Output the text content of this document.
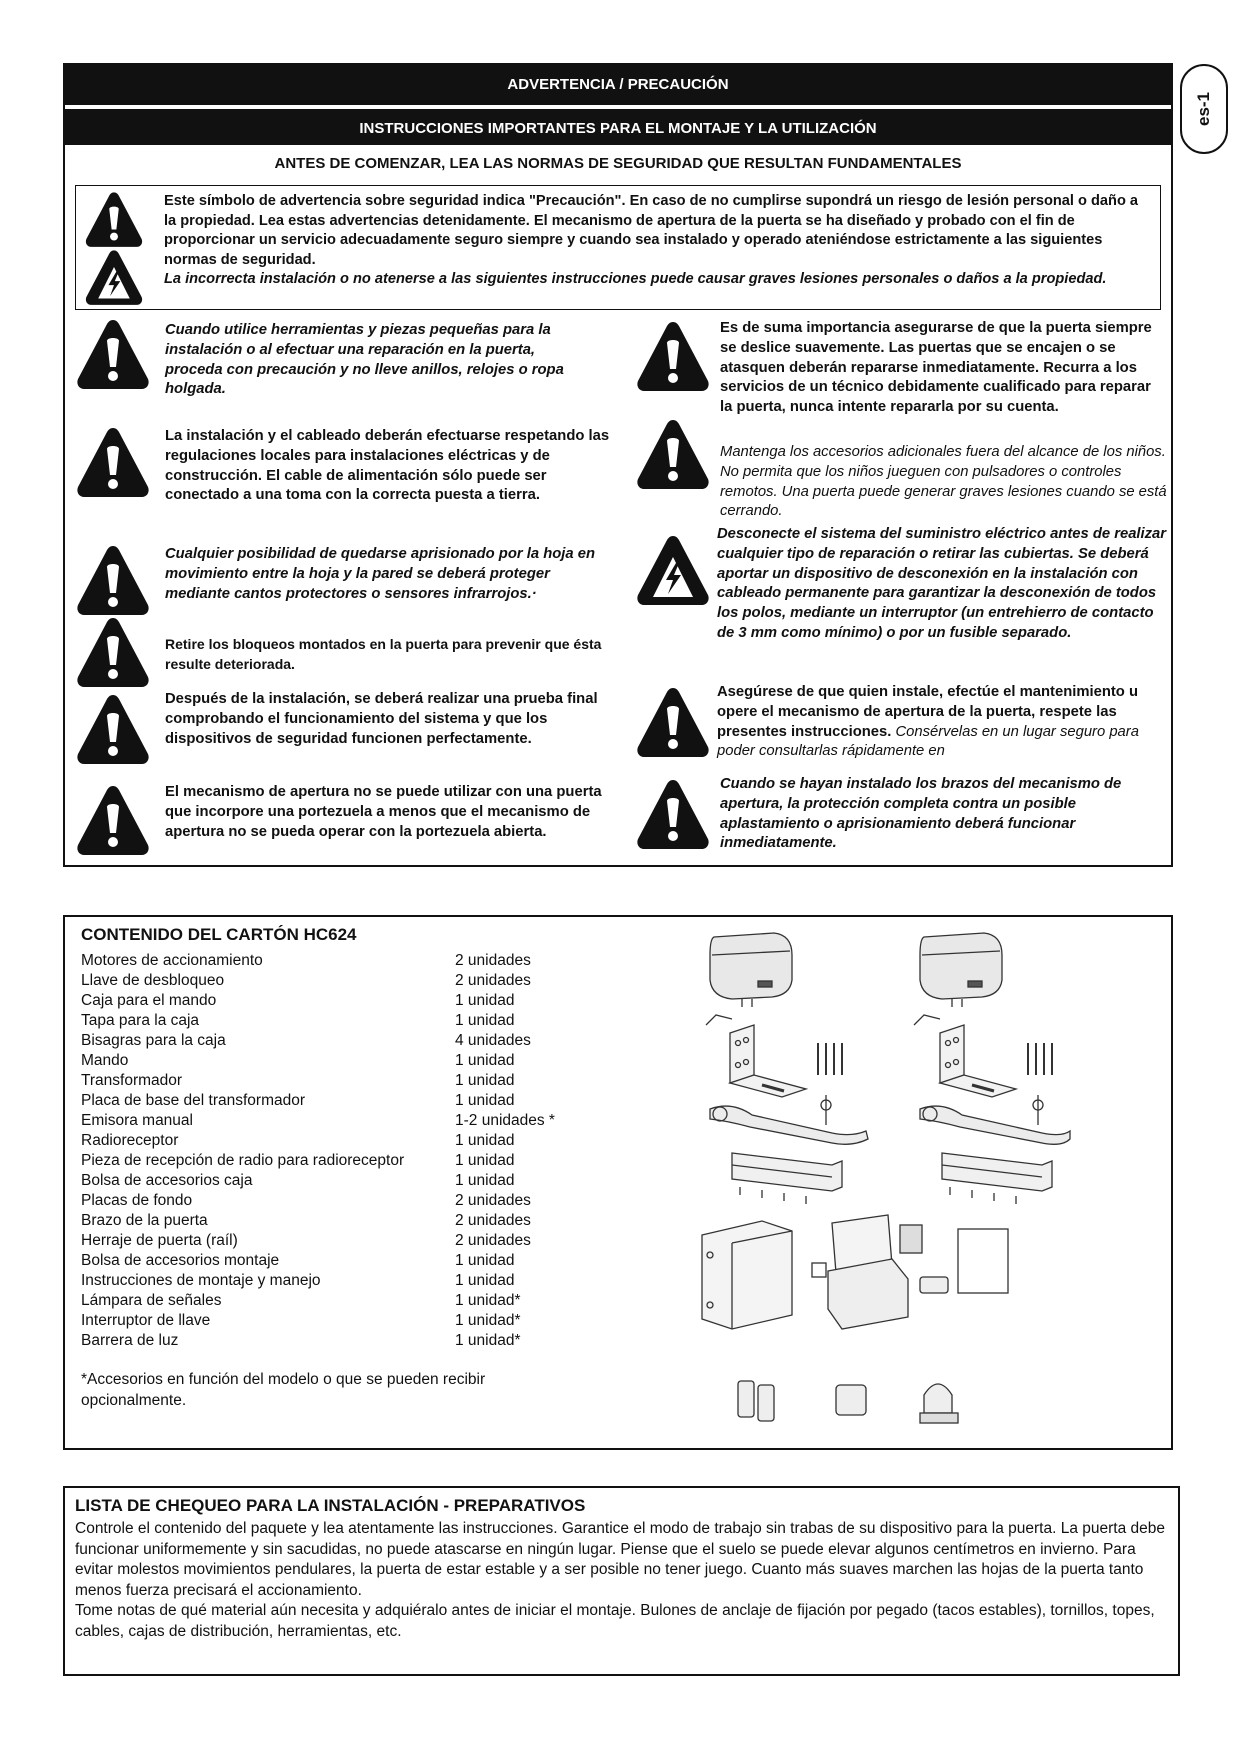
es-1
ADVERTENCIA / PRECAUCIÓN
INSTRUCCIONES IMPORTANTES PARA EL MONTAJE Y LA UTILIZACIÓN
ANTES DE COMENZAR, LEA LAS NORMAS DE SEGURIDAD QUE RESULTAN FUNDAMENTALES

Este símbolo de advertencia sobre seguridad indica "Precaución". En caso de no cumplirse supondrá un riesgo de lesión personal o daño a la propiedad. Lea estas advertencias detenidamente. El mecanismo de apertura de la puerta se ha diseñado y probado con el fin de proporcionar un servicio adecuadamente seguro siempre y cuando sea instalado y operado ateniéndose estrictamente a las siguientes normas de seguridad.
La incorrecta instalación o no atenerse a las siguientes instrucciones puede causar graves lesiones personales o daños a la propiedad.

Cuando utilice herramientas y piezas pequeñas para la instalación o al efectuar una reparación en la puerta, proceda con precaución y no lleve anillos, relojes o ropa holgada.
La instalación y el cableado deberán efectuarse respetando las regulaciones locales para instalaciones eléctricas y de construcción. El cable de alimentación sólo puede ser conectado a una toma con la correcta puesta a tierra.
Cualquier posibilidad de quedarse aprisionado por la hoja en movimiento entre la hoja y la pared se deberá proteger mediante cantos protectores o sensores infrarrojos.·
Retire los bloqueos montados en la puerta para prevenir que ésta resulte deteriorada.
Después de la instalación, se deberá realizar una prueba final comprobando el funcionamiento del sistema y que los dispositivos de seguridad funcionen perfectamente.
El mecanismo de apertura no se puede utilizar con una puerta que incorpore una portezuela a menos que el mecanismo de apertura no se pueda operar con la portezuela abierta.
Es de suma importancia asegurarse de que la puerta siempre se deslice suavemente. Las puertas que se encajen o se atasquen deberán repararse inmediatamente. Recurra a los servicios de un técnico debidamente cualificado para reparar la puerta, nunca intente repararla por su cuenta.
Mantenga los accesorios adicionales fuera del alcance de los niños. No permita que los niños jueguen con pulsadores o controles remotos. Una puerta puede generar graves lesiones cuando se está cerrando.
Desconecte el sistema del suministro eléctrico antes de realizar cualquier tipo de reparación o retirar las cubiertas. Se deberá aportar un dispositivo de desconexión en la instalación con cableado permanente para garantizar la desconexión de todos los polos, mediante un interruptor (un entrehierro de contacto de 3 mm como mínimo) o por un fusible separado.
Asegúrese de que quien instale, efectúe el mantenimiento u opere el mecanismo de apertura de la puerta, respete las presentes instrucciones. Consérvelas en un lugar seguro para poder consultarlas rápidamente en
Cuando se hayan instalado los brazos del mecanismo de apertura, la protección completa contra un posible aplastamiento o aprisionamiento deberá funcionar inmediatamente.
CONTENIDO DEL CARTÓN HC624
Motores de accionamiento	2 unidades
Llave de desbloqueo	2 unidades
Caja para el mando	1 unidad
Tapa para la caja	1 unidad
Bisagras para la caja	4 unidades
Mando	1 unidad
Transformador	1 unidad
Placa de base del transformador	1 unidad
Emisora manual	1-2 unidades *
Radioreceptor	1 unidad
Pieza de recepción de radio para radioreceptor	1 unidad
Bolsa de accesorios caja	1 unidad
Placas de fondo	2 unidades
Brazo de la puerta	2 unidades
Herraje de puerta (raíl)	2 unidades
Bolsa de accesorios montaje	1 unidad
Instrucciones de montaje y manejo	1 unidad
Lámpara de señales	1 unidad*
Interruptor de llave	1 unidad*
Barrera de luz	1 unidad*
*Accesorios en función del modelo o que se pueden recibir opcionalmente.
LISTA DE CHEQUEO PARA LA INSTALACIÓN - PREPARATIVOS

Controle el contenido del paquete y lea atentamente las instrucciones. Garantice el modo de trabajo sin trabas de su dispositivo para la puerta. La puerta debe funcionar uniformemente y sin sacudidas, no puede atascarse en ningún lugar. Piense que el suelo se puede elevar algunos centímetros en invierno. Para evitar molestos movimientos pendulares, la puerta de estar estable y a ser posible no tener juego. Cuanto más suaves marchen las hojas de la puerta tanto menos fuerza precisará el accionamiento.
Tome notas de qué material aún necesita y adquiéralo antes de iniciar el montaje. Bulones de anclaje de fijación por pegado (tacos estables), tornillos, topes, cables, cajas de distribución, herramientas, etc.
